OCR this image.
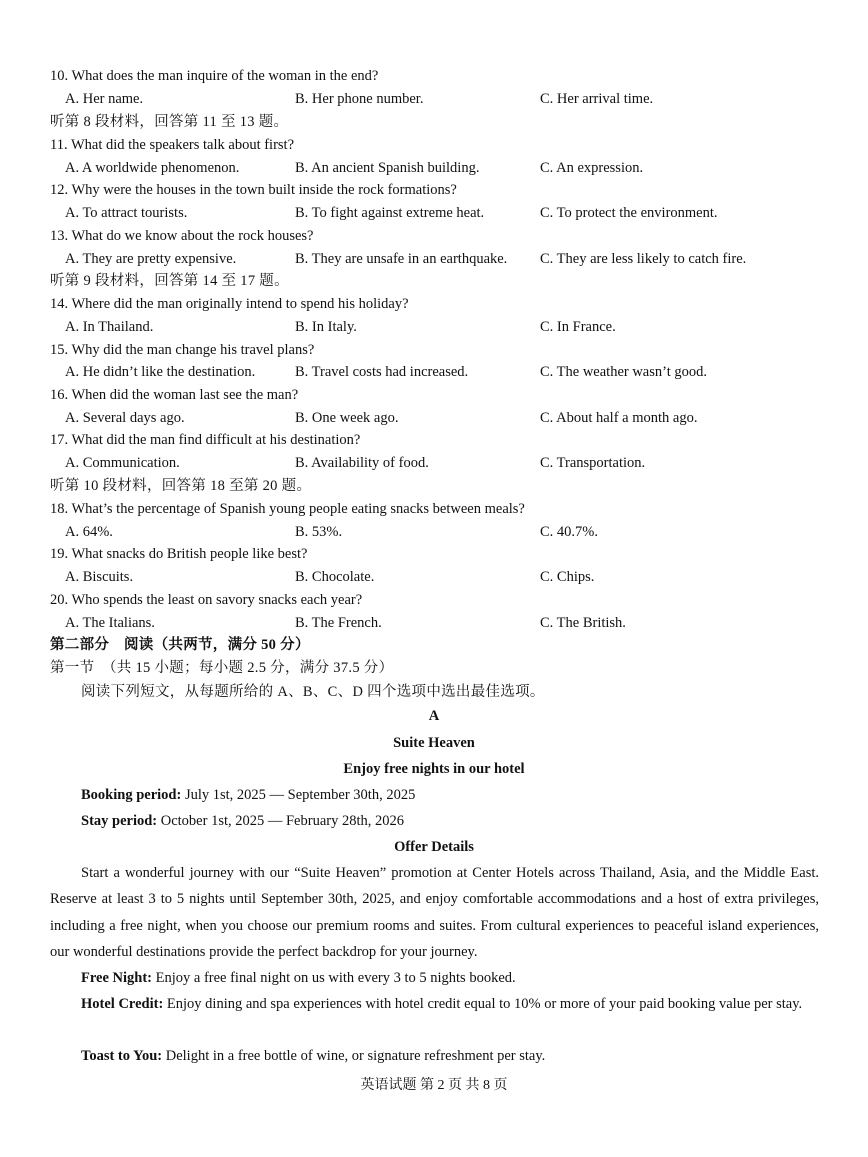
10. What does the man inquire of the woman in the end?
A. Her name.	B. Her phone number.	C. Her arrival time.
听第 8 段材料，回答第 11 至 13 题。
11. What did the speakers talk about first?
A. A worldwide phenomenon.	B. An ancient Spanish building.	C. An expression.
12. Why were the houses in the town built inside the rock formations?
A. To attract tourists.	B. To fight against extreme heat.	C. To protect the environment.
13. What do we know about the rock houses?
A. They are pretty expensive.	B. They are unsafe in an earthquake. C. They are less likely to catch fire.
听第 9 段材料，回答第 14 至 17 题。
14. Where did the man originally intend to spend his holiday?
A. In Thailand.	B. In Italy.	C. In France.
15. Why did the man change his travel plans?
A. He didn’t like the destination.	B. Travel costs had increased.	C. The weather wasn’t good.
16. When did the woman last see the man?
A. Several days ago.	B. One week ago.	C. About half a month ago.
17. What did the man find difficult at his destination?
A. Communication.	B. Availability of food.	C. Transportation.
听第 10 段材料，回答第 18 至第 20 题。
18. What’s the percentage of Spanish young people eating snacks between meals?
A. 64%.	B. 53%.	C. 40.7%.
19. What snacks do British people like best?
A. Biscuits.	B. Chocolate.	C. Chips.
20. Who spends the least on savory snacks each year?
A. The Italians.	B. The French.	C. The British.
第二部分　阅读（共两节，满分 50 分）
第一节　（共 15 小题；每小题 2.5 分，满分 37.5 分）
阅读下列短文，从每题所给的 A、B、C、D 四个选项中选出最佳选项。
A
Suite Heaven
Enjoy free nights in our hotel
Booking period: July 1st, 2025 — September 30th, 2025
Stay period: October 1st, 2025 — February 28th, 2026
Offer Details
Start a wonderful journey with our “Suite Heaven” promotion at Center Hotels across Thailand, Asia, and the Middle East. Reserve at least 3 to 5 nights until September 30th, 2025, and enjoy comfortable accommodations and a host of extra privileges, including a free night, when you choose our premium rooms and suites. From cultural experiences to peaceful island experiences, our wonderful destinations provide the perfect backdrop for your journey.
Free Night: Enjoy a free final night on us with every 3 to 5 nights booked.
Hotel Credit: Enjoy dining and spa experiences with hotel credit equal to 10% or more of your paid booking value per stay.
Toast to You: Delight in a free bottle of wine, or signature refreshment per stay.
英语试题 第 2 页 共 8 页
